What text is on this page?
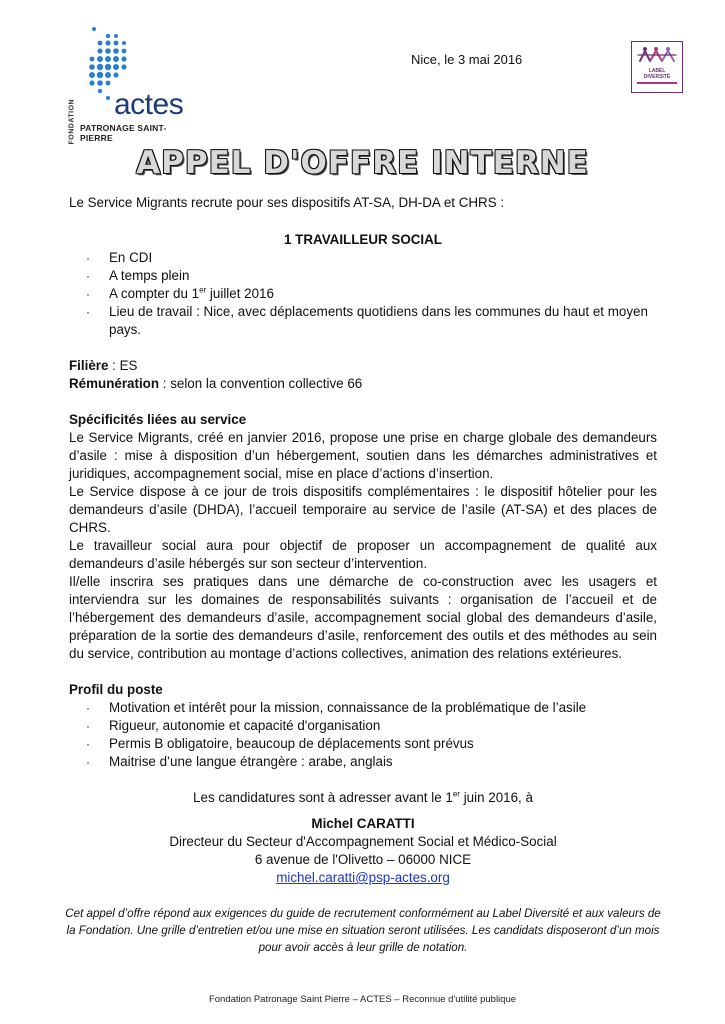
FONDATION actes
PATRONAGE SAINT-PIERRE
LABEL
DIVERSITÉ
Nice, le 3 mai 2016
APPEL D'OFFRE INTERNE

Le Service Migrants recrute pour ses dispositifs AT-SA, DH-DA et CHRS :

1 TRAVAILLEUR SOCIAL

· En CDI
· A temps plein
· A compter du 1er juillet 2016
· Lieu de travail : Nice, avec déplacements quotidiens dans les communes du haut et moyen pays.

Filière : ES

Rémunération : selon la convention collective 66

Spécificités liées au service

Le Service Migrants, créé en janvier 2016, propose une prise en charge globale des demandeurs d’asile : mise à disposition d’un hébergement, soutien dans les démarches administratives et juridiques, accompagnement social, mise en place d’actions d’insertion.

Le Service dispose à ce jour de trois dispositifs complémentaires : le dispositif hôtelier pour les demandeurs d’asile (DHDA), l’accueil temporaire au service de l’asile (AT-SA) et des places de CHRS.

Le travailleur social aura pour objectif de proposer un accompagnement de qualité aux demandeurs d’asile hébergés sur son secteur d’intervention.

Il/elle inscrira ses pratiques dans une démarche de co-construction avec les usagers et interviendra sur les domaines de responsabilités suivants : organisation de l’accueil et de l’hébergement des demandeurs d’asile, accompagnement social global des demandeurs d’asile, préparation de la sortie des demandeurs d’asile, renforcement des outils et des méthodes au sein du service, contribution au montage d’actions collectives, animation des relations extérieures.

Profil du poste

· Motivation et intérêt pour la mission, connaissance de la problématique de l’asile
· Rigueur, autonomie et capacité d'organisation
· Permis B obligatoire, beaucoup de déplacements sont prévus
· Maitrise d’une langue étrangère : arabe, anglais

Les candidatures sont à adresser avant le 1er juin 2016, à

Michel CARATTI

Directeur du Secteur d'Accompagnement Social et Médico-Social

6 avenue de l'Olivetto – 06000 NICE

michel.caratti@psp-actes.org

Cet appel d’offre répond aux exigences du guide de recrutement conformément au Label Diversité et aux valeurs de la Fondation. Une grille d’entretien et/ou une mise en situation seront utilisées. Les candidats disposeront d’un mois pour avoir accès à leur grille de notation.

Fondation Patronage Saint Pierre – ACTES – Reconnue d'utilité publique
